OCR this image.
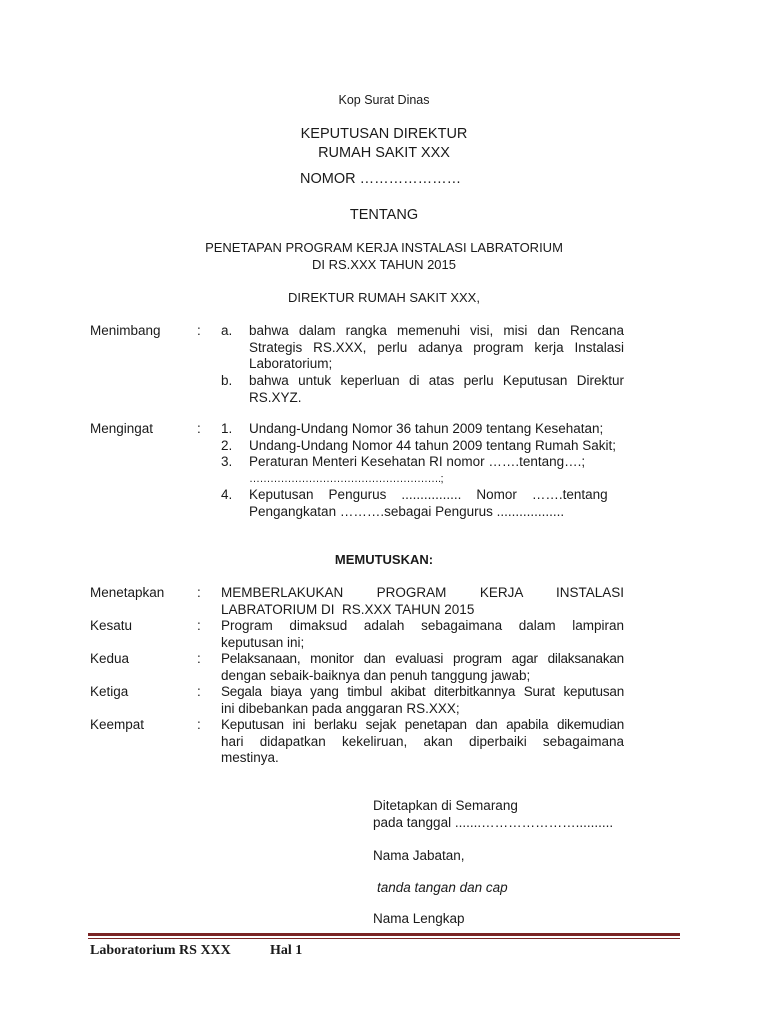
Kop Surat Dinas
KEPUTUSAN DIREKTUR
RUMAH SAKIT XXX
NOMOR …………………
TENTANG
PENETAPAN PROGRAM KERJA INSTALASI LABRATORIUM
DI RS.XXX TAHUN 2015
DIREKTUR RUMAH SAKIT XXX,
Menimbang	: a. bahwa dalam rangka memenuhi visi, misi dan Rencana
Strategis RS.XXX, perlu adanya program kerja Instalasi
Laboratorium;
b. bahwa untuk keperluan di atas perlu Keputusan Direktur
RS.XYZ.
Mengingat	: 1. Undang-Undang Nomor 36 tahun 2009 tentang Kesehatan;
2. Undang-Undang Nomor 44 tahun 2009 tentang Rumah Sakit;
3. Peraturan Menteri Kesehatan RI nomor …….tentang….;
……………………………………………….;
4. Keputusan    Pengurus    ................    Nomor    …….tentang
Pengangkatan ……….sebagai Pengurus ..................
MEMUTUSKAN:
Menetapkan : MEMBERLAKUKAN PROGRAM KERJA INSTALASI
LABRATORIUM DI  RS.XXX TAHUN 2015
Kesatu	: Program dimaksud adalah sebagaimana dalam lampiran
keputusan ini;
Kedua	: Pelaksanaan, monitor dan evaluasi program agar dilaksanakan
dengan sebaik-baiknya dan penuh tanggung jawab;
Ketiga	: Segala biaya yang timbul akibat diterbitkannya Surat keputusan
ini dibebankan pada anggaran RS.XXX;
Keempat	: Keputusan ini berlaku sejak penetapan dan apabila dikemudian
hari didapatkan kekeliruan, akan diperbaiki sebagaimana
mestinya.
Ditetapkan di Semarang
pada tanggal .......…………………..........
Nama Jabatan,
tanda tangan dan cap
Nama Lengkap
Laboratorium RS XXX	Hal 1
